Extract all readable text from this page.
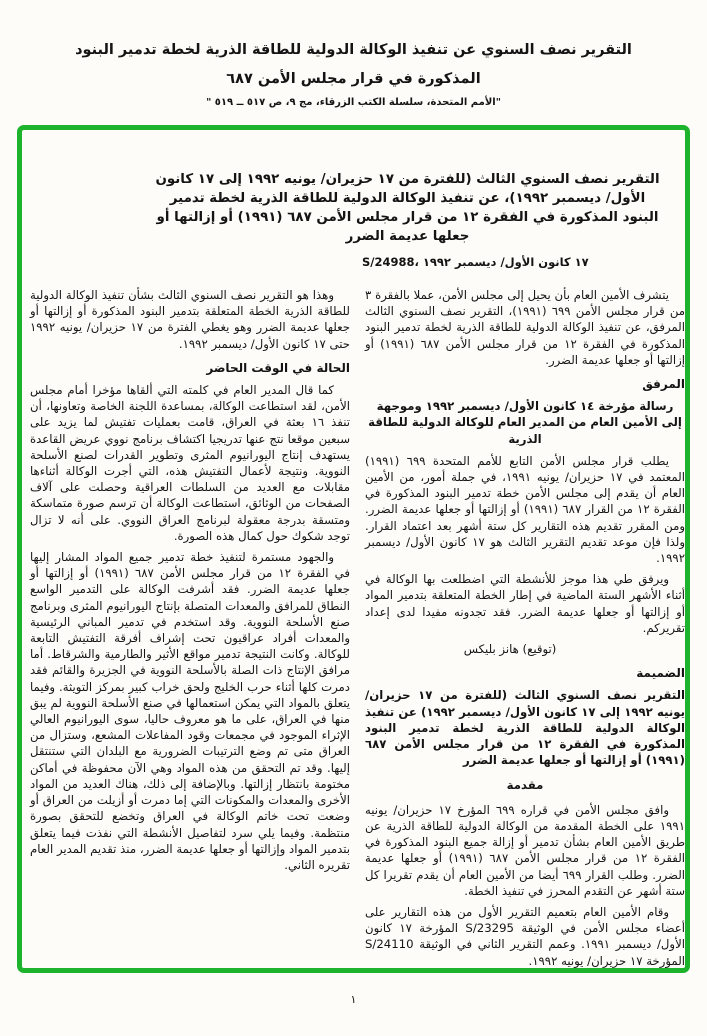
التقرير نصف السنوي عن تنفيذ الوكالة الدولية للطاقة الذرية لخطة تدمير البنود
المذكورة في قرار مجلس الأمن ٦٨٧
"الأمم المتحدة، سلسلة الكتب الزرقاء، مج ٩، ص ٥١٧ ــ ٥١٩ "
التقرير نصف السنوي الثالث (للفترة من ١٧ حزيران/ يونيه ١٩٩٢ إلى ١٧ كانون الأول/ ديسمبر ١٩٩٢)، عن تنفيذ الوكالة الدولية للطاقة الذرية لخطة تدمير البنود المذكورة في الفقرة ١٢ من قرار مجلس الأمن ٦٨٧ (١٩٩١) أو إزالتها أو جعلها عديمة الضرر
S/24988، ١٧ كانون الأول/ ديسمبر ١٩٩٢

يتشرف الأمين العام بأن يحيل إلى مجلس الأمن، عملا بالفقرة ٣ من قرار مجلس الأمن ٦٩٩ (١٩٩١)، التقرير نصف السنوي الثالث المرفق، عن تنفيذ الوكالة الدولية للطاقة الذرية لخطة تدمير البنود المذكورة في الفقرة ١٢ من قرار مجلس الأمن ٦٨٧ (١٩٩١) أو إزالتها أو جعلها عديمة الضرر.

المرفق
رسالة مؤرخة ١٤ كانون الأول/ ديسمبر ١٩٩٢ وموجهة إلى الأمين العام من المدير العام للوكالة الدولية للطاقة الذرية

يطلب قرار مجلس الأمن التابع للأمم المتحدة ٦٩٩ (١٩٩١) المعتمد في ١٧ حزيران/ يونيه ١٩٩١، في جملة أمور، من الأمين العام أن يقدم إلى مجلس الأمن خطة تدمير البنود المذكورة في الفقرة ١٢ من القرار ٦٨٧ (١٩٩١) أو إزالتها أو جعلها عديمة الضرر. ومن المقرر تقديم هذه التقارير كل ستة أشهر بعد اعتماد القرار. ولذا فإن موعد تقديم التقرير الثالث هو ١٧ كانون الأول/ ديسمبر ١٩٩٢.

ويرفق طي هذا موجز للأنشطة التي اضطلعت بها الوكالة في أثناء الأشهر الستة الماضية في إطار الخطة المتعلقة بتدمير المواد أو إزالتها أو جعلها عديمة الضرر. فقد تجدونه مفيدا لدى إعداد تقريركم.

(توقيع) هانز بليكس
الضميمة
التقرير نصف السنوي الثالث (للفترة من ١٧ حزيران/ يونيه ١٩٩٢ إلى ١٧ كانون الأول/ ديسمبر ١٩٩٢) عن تنفيذ الوكالة الدولية للطاقة الذرية لخطة تدمير البنود المذكورة في الفقرة ١٢ من قرار مجلس الأمن ٦٨٧ (١٩٩١) أو إزالتها أو جعلها عديمة الضرر
مقدمة

وافق مجلس الأمن في قراره ٦٩٩ المؤرخ ١٧ حزيران/ يونيه ١٩٩١ على الخطة المقدمة من الوكالة الدولية للطاقة الذرية عن طريق الأمين العام بشأن تدمير أو إزالة جميع البنود المذكورة في الفقرة ١٢ من قرار مجلس الأمن ٦٨٧ (١٩٩١) أو جعلها عديمة الضرر. وطلب القرار ٦٩٩ أيضا من الأمين العام أن يقدم تقريرا كل ستة أشهر عن التقدم المحرز في تنفيذ الخطة.

وقام الأمين العام بتعميم التقرير الأول من هذه التقارير على أعضاء مجلس الأمن في الوثيقة S/23295 المؤرخة ١٧ كانون الأول/ ديسمبر ١٩٩١. وعمم التقرير الثاني في الوثيقة S/24110 المؤرخة ١٧ حزيران/ يونيه ١٩٩٢.

وهذا هو التقرير نصف السنوي الثالث بشأن تنفيذ الوكالة الدولية للطاقة الذرية الخطة المتعلقة بتدمير البنود المذكورة أو إزالتها أو جعلها عديمة الضرر وهو يغطي الفترة من ١٧ حزيران/ يونيه ١٩٩٢ حتى ١٧ كانون الأول/ ديسمبر ١٩٩٢.

الحالة في الوقت الحاضر

كما قال المدير العام في كلمته التي ألقاها مؤخرا أمام مجلس الأمن، لقد استطاعت الوكالة، بمساعدة اللجنة الخاصة وتعاونها، أن تنفذ ١٦ بعثة في العراق، قامت بعمليات تفتيش لما يزيد على سبعين موقعا نتج عنها تدريجيا اكتشاف برنامج نووي عريض القاعدة يستهدف إنتاج اليورانيوم المثرى وتطوير القدرات لصنع الأسلحة النووية. ونتيجة لأعمال التفتيش هذه، التي أجرت الوكالة أثناءها مقابلات مع العديد من السلطات العراقية وحصلت على آلاف الصفحات من الوثائق، استطاعت الوكالة أن ترسم صورة متماسكة ومتسقة بدرجة معقولة لبرنامج العراق النووي. على أنه لا تزال توجد شكوك حول كمال هذه الصورة.

والجهود مستمرة لتنفيذ خطة تدمير جميع المواد المشار إليها في الفقرة ١٢ من قرار مجلس الأمن ٦٨٧ (١٩٩١) أو إزالتها أو جعلها عديمة الضرر. فقد أشرفت الوكالة على التدمير الواسع النطاق للمرافق والمعدات المتصلة بإنتاج اليورانيوم المثرى وبرنامج صنع الأسلحة النووية. وقد استخدم في تدمير المباني الرئيسية والمعدات أفراد عراقيون تحت إشراف أفرقة التفتيش التابعة للوكالة. وكانت النتيجة تدمير مواقع الأثير والطارمية والشرقاط. أما مرافق الإنتاج ذات الصلة بالأسلحة النووية في الجزيرة والقائم فقد دمرت كلها أثناء حرب الخليج ولحق خراب كبير بمركز التويثة. وفيما يتعلق بالمواد التي يمكن استعمالها في صنع الأسلحة النووية لم يبق منها في العراق، على ما هو معروف حاليا، سوى اليورانيوم العالي الإثراء الموجود في مجمعات وقود المفاعلات المشعع، وستزال من العراق متى تم وضع الترتيبات الضرورية مع البلدان التي ستنتقل إليها. وقد تم التحقق من هذه المواد وهي الآن محفوظة في أماكن مختومة بانتظار إزالتها. وبالإضافة إلى ذلك، هناك العديد من المواد الأخرى والمعدات والمكونات التي إما دمرت أو أزيلت من العراق أو وضعت تحت خاتم الوكالة في العراق وتخضع للتحقق بصورة منتظمة. وفيما يلي سرد لتفاصيل الأنشطة التي نفذت فيما يتعلق بتدمير المواد وإزالتها أو جعلها عديمة الضرر، منذ تقديم المدير العام تقريره الثاني.

١
